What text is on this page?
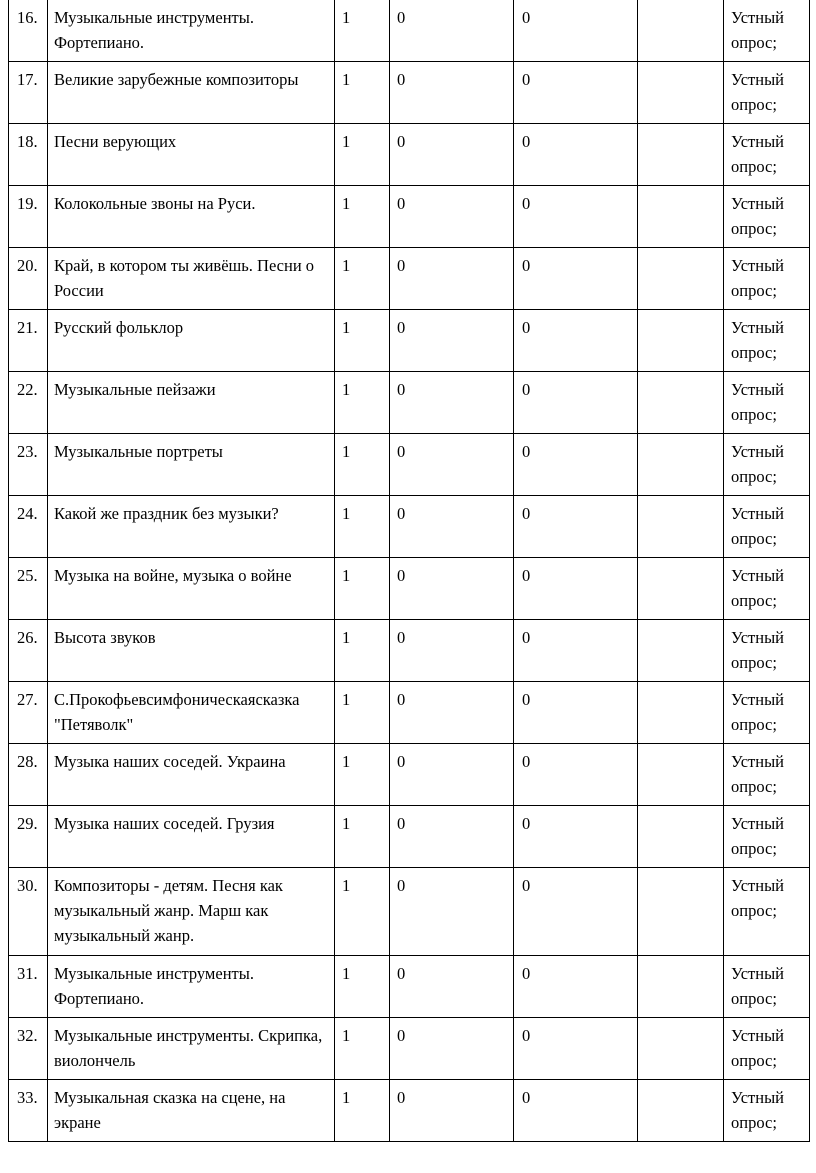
16.	Музыкальные инструменты. Фортепиано.	1	0	0		Устный опрос;
17.	Великие зарубежные композиторы	1	0	0		Устный опрос;
18.	Песни верующих	1	0	0		Устный опрос;
19.	Колокольные звоны на Руси.	1	0	0		Устный опрос;
20.	Край, в котором ты живёшь. Песни о России	1	0	0		Устный опрос;
21.	Русский фольклор	1	0	0		Устный опрос;
22.	Музыкальные пейзажи	1	0	0		Устный опрос;
23.	Музыкальные портреты	1	0	0		Устный опрос;
24.	Какой же праздник без музыки?	1	0	0		Устный опрос;
25.	Музыка на войне, музыка о войне	1	0	0		Устный опрос;
26.	Высота звуков	1	0	0		Устный опрос;
27.	С.Прокофьевсимфоническаясказка "Петяволк"	1	0	0		Устный опрос;
28.	Музыка наших соседей. Украина	1	0	0		Устный опрос;
29.	Музыка наших соседей. Грузия	1	0	0		Устный опрос;
30.	Композиторы - детям. Песня как музыкальный жанр. Марш как музыкальный жанр.	1	0	0		Устный опрос;
31.	Музыкальные инструменты. Фортепиано.	1	0	0		Устный опрос;
32.	Музыкальные инструменты. Скрипка, виолончель	1	0	0		Устный опрос;
33.	Музыкальная сказка на сцене, на экране	1	0	0		Устный опрос;
